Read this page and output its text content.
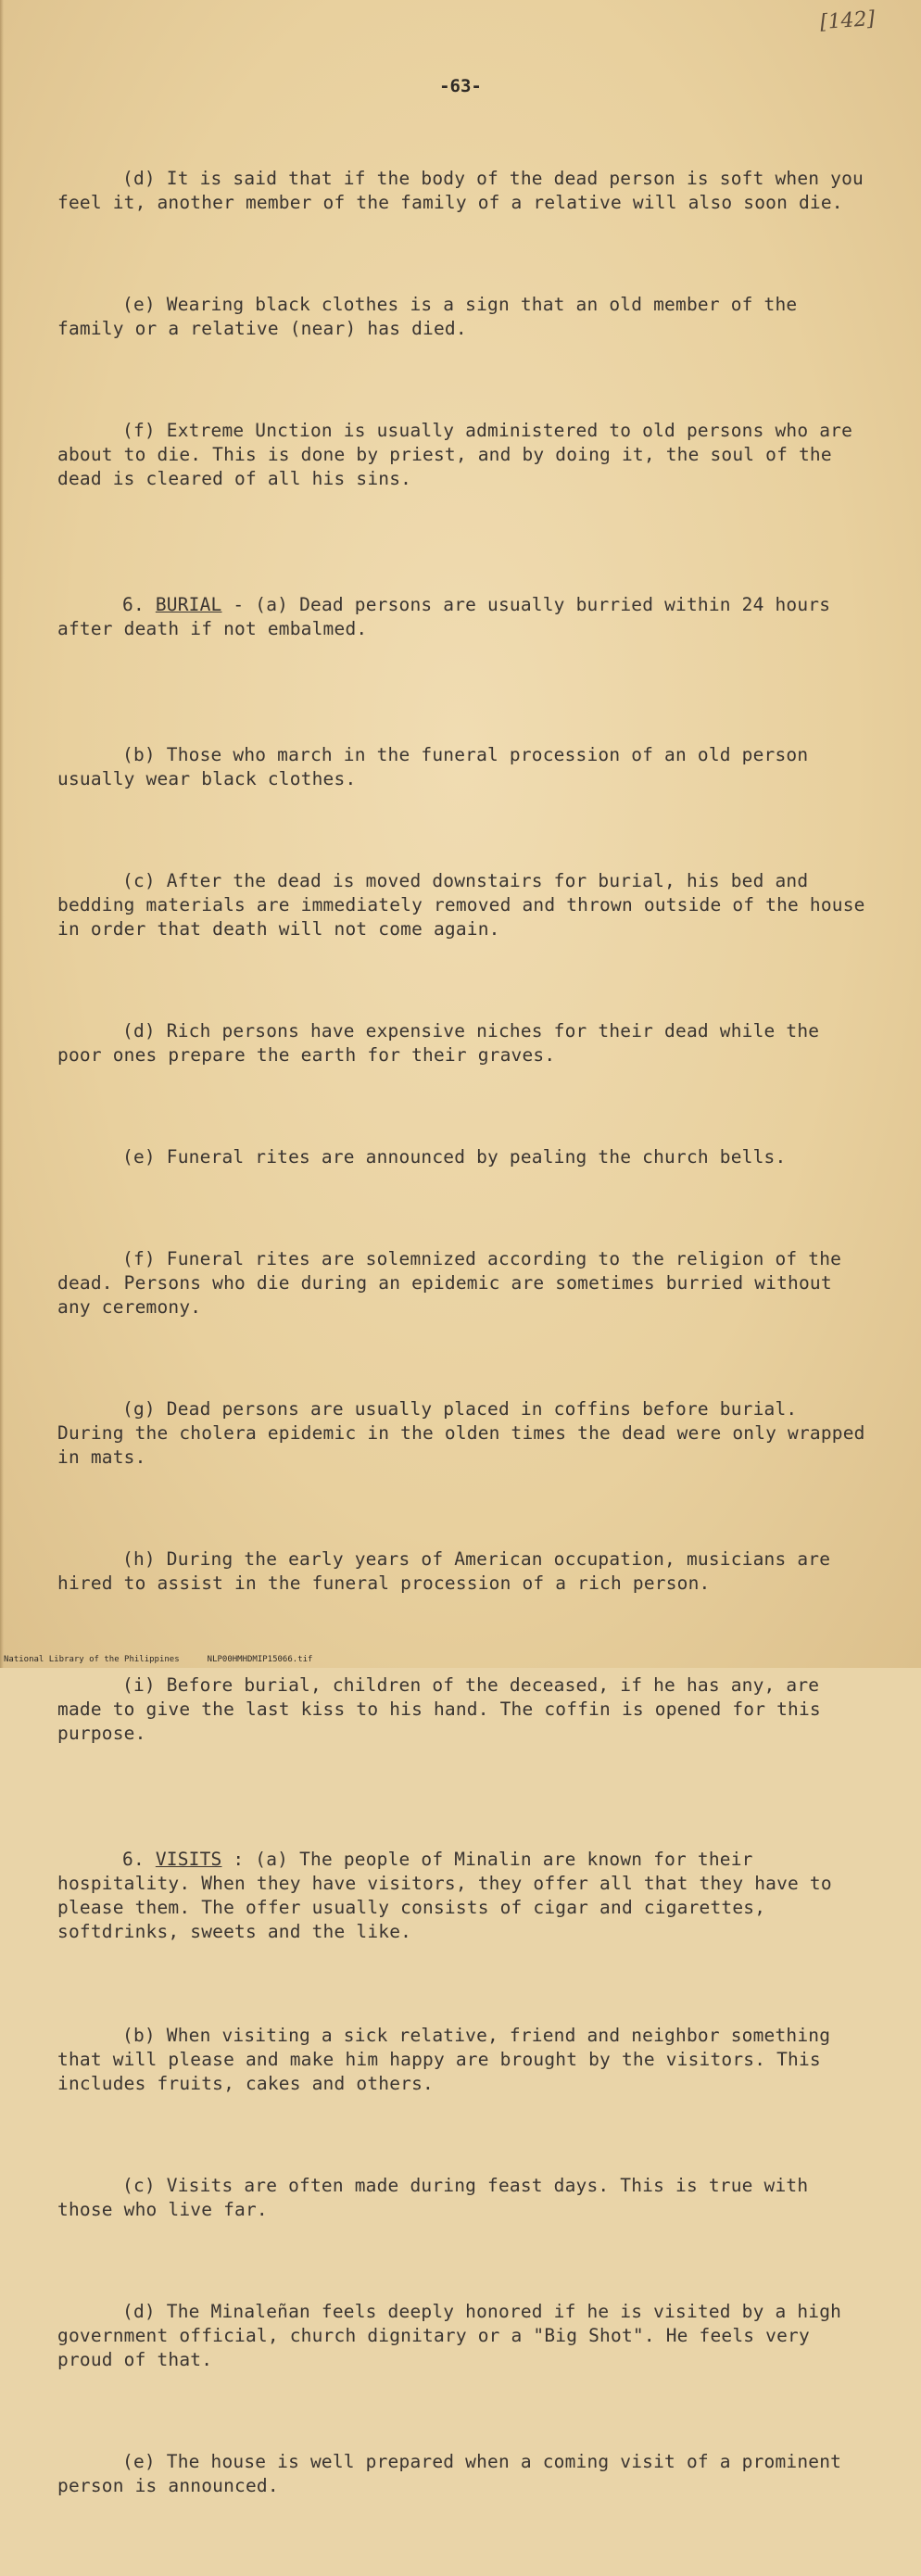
[142]
-63-

(d) It is said that if the body of the dead person is soft when you feel it, another member of the family of a relative will also soon die.

(e) Wearing black clothes is a sign that an old member of the family or a relative (near) has died.

(f) Extreme Unction is usually administered to old persons who are about to die. This is done by priest, and by doing it, the soul of the dead is cleared of all his sins.

6. BURIAL - (a) Dead persons are usually burried within 24 hours after death if not embalmed.

(b) Those who march in the funeral procession of an old person usually wear black clothes.

(c) After the dead is moved downstairs for burial, his bed and bedding materials are immediately removed and thrown outside of the house in order that death will not come again.

(d) Rich persons have expensive niches for their dead while the poor ones prepare the earth for their graves.

(e) Funeral rites are announced by pealing the church bells.

(f) Funeral rites are solemnized according to the religion of the dead. Persons who die during an epidemic are sometimes burried without any ceremony.

(g) Dead persons are usually placed in coffins before burial. During the cholera epidemic in the olden times the dead were only wrapped in mats.

(h) During the early years of American occupation, musicians are hired to assist in the funeral procession of a rich person.

(i) Before burial, children of the deceased, if he has any, are made to give the last kiss to his hand. The coffin is opened for this purpose.

6. VISITS : (a) The people of Minalin are known for their hospitality. When they have visitors, they offer all that they have to please them. The offer usually consists of cigar and cigarettes, softdrinks, sweets and the like.

(b) When visiting a sick relative, friend and neighbor something that will please and make him happy are brought by the visitors. This includes fruits, cakes and others.

(c) Visits are often made during feast days. This is true with those who live far.

(d) The Minaleñan feels deeply honored if he is visited by a high government official, church dignitary or a "Big Shot". He feels very proud of that.

(e) The house is well prepared when a coming visit of a prominent person is announced.

National Library of the Philippines	NLP00HMHDMIP15066.tif
